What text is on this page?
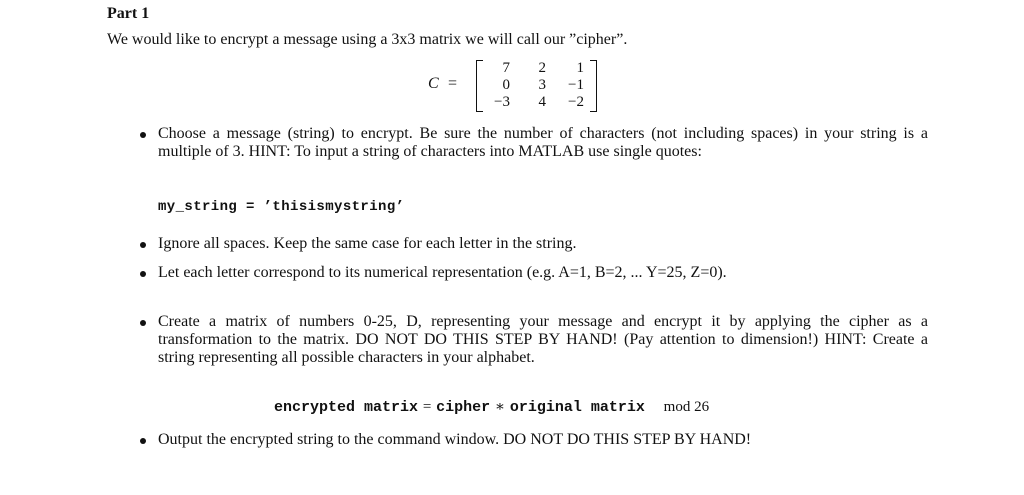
Part 1
We would like to encrypt a message using a 3x3 matrix we will call our ”cipher”.
C =
7	2	1
0	3	−1
−3	4	−2
Choose a message (string) to encrypt. Be sure the number of characters (not including spaces) in your string is a multiple of 3. HINT: To input a string of characters into MATLAB use single quotes:
my_string = ’thisismystring’
Ignore all spaces. Keep the same case for each letter in the string.
Let each letter correspond to its numerical representation (e.g. A=1, B=2, ... Y=25, Z=0).
Create a matrix of numbers 0-25, D, representing your message and encrypt it by applying the cipher as a transformation to the matrix. DO NOT DO THIS STEP BY HAND! (Pay attention to dimension!) HINT: Create a string representing all possible characters in your alphabet.
encrypted matrix = cipher ∗ original matrix mod 26
Output the encrypted string to the command window. DO NOT DO THIS STEP BY HAND!
